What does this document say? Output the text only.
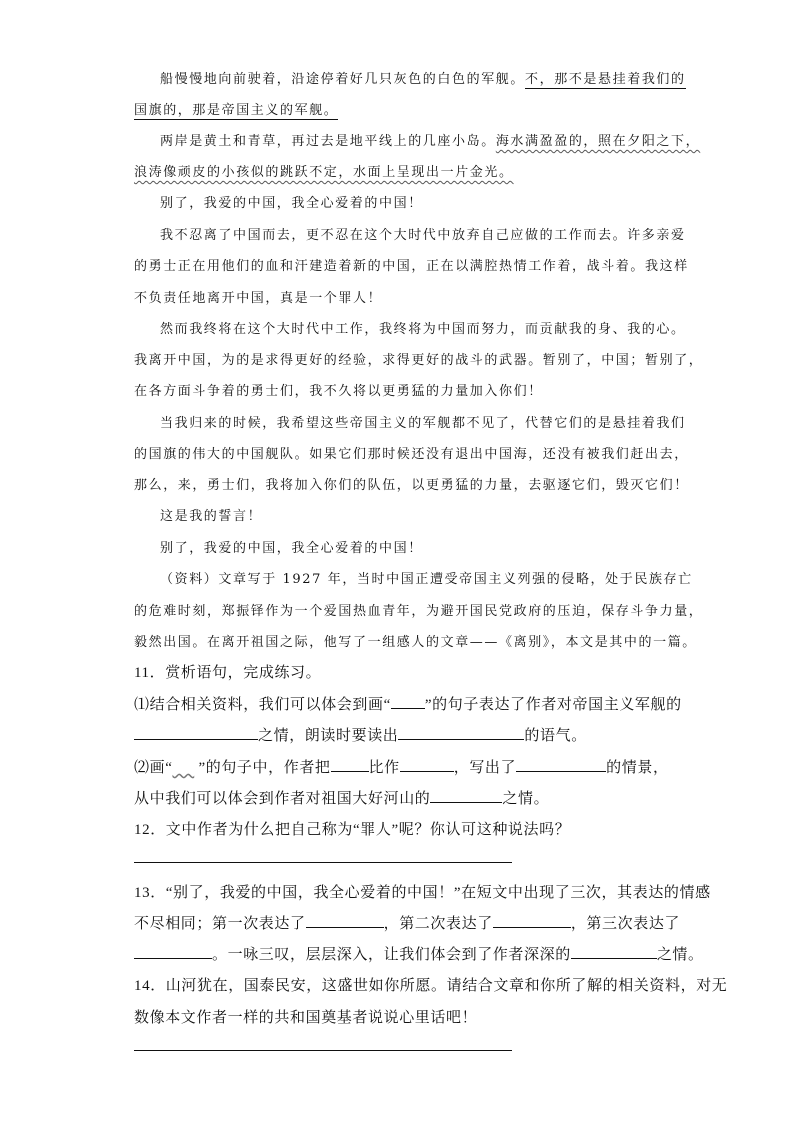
船慢慢地向前驶着，沿途停着好几只灰色的白色的军舰。不，那不是悬挂着我们的
国旗的，那是帝国主义的军舰。
两岸是黄土和青草，再过去是地平线上的几座小岛。海水满盈盈的，照在夕阳之下，
浪涛像顽皮的小孩似的跳跃不定，水面上呈现出一片金光。
别了，我爱的中国，我全心爱着的中国！
我不忍离了中国而去，更不忍在这个大时代中放弃自己应做的工作而去。许多亲爱
的勇士正在用他们的血和汗建造着新的中国，正在以满腔热情工作着，战斗着。我这样
不负责任地离开中国，真是一个罪人！
然而我终将在这个大时代中工作，我终将为中国而努力，而贡献我的身、我的心。
我离开中国，为的是求得更好的经验，求得更好的战斗的武器。暂别了，中国；暂别了，
在各方面斗争着的勇士们，我不久将以更勇猛的力量加入你们！
当我归来的时候，我希望这些帝国主义的军舰都不见了，代替它们的是悬挂着我们
的国旗的伟大的中国舰队。如果它们那时候还没有退出中国海，还没有被我们赶出去，
那么，来，勇士们，我将加入你们的队伍，以更勇猛的力量，去驱逐它们，毁灭它们！
这是我的誓言！
别了，我爱的中国，我全心爱着的中国！
（资料）文章写于 1927 年，当时中国正遭受帝国主义列强的侵略，处于民族存亡
的危难时刻，郑振铎作为一个爱国热血青年，为避开国民党政府的压迫，保存斗争力量，
毅然出国。在离开祖国之际，他写了一组感人的文章——《离别》，本文是其中的一篇。
11．赏析语句，完成练习。
⑴结合相关资料，我们可以体会到画“ ”的句子表达了作者对帝国主义军舰的
之情，朗读时要读出	的语气。
⑵画“ ”的句子中，作者把	比作	，写出了	的情景，
从中我们可以体会到作者对祖国大好河山的	之情。
12．文中作者为什么把自己称为“罪人”呢？你认可这种说法吗？
13．“别了，我爱的中国，我全心爱着的中国！”在短文中出现了三次，其表达的情感
不尽相同；第一次表达了	，第二次表达了	，第三次表达了
。一咏三叹，层层深入，让我们体会到了作者深深的	之情。
14．山河犹在，国泰民安，这盛世如你所愿。请结合文章和你所了解的相关资料，对无
数像本文作者一样的共和国奠基者说说心里话吧！
